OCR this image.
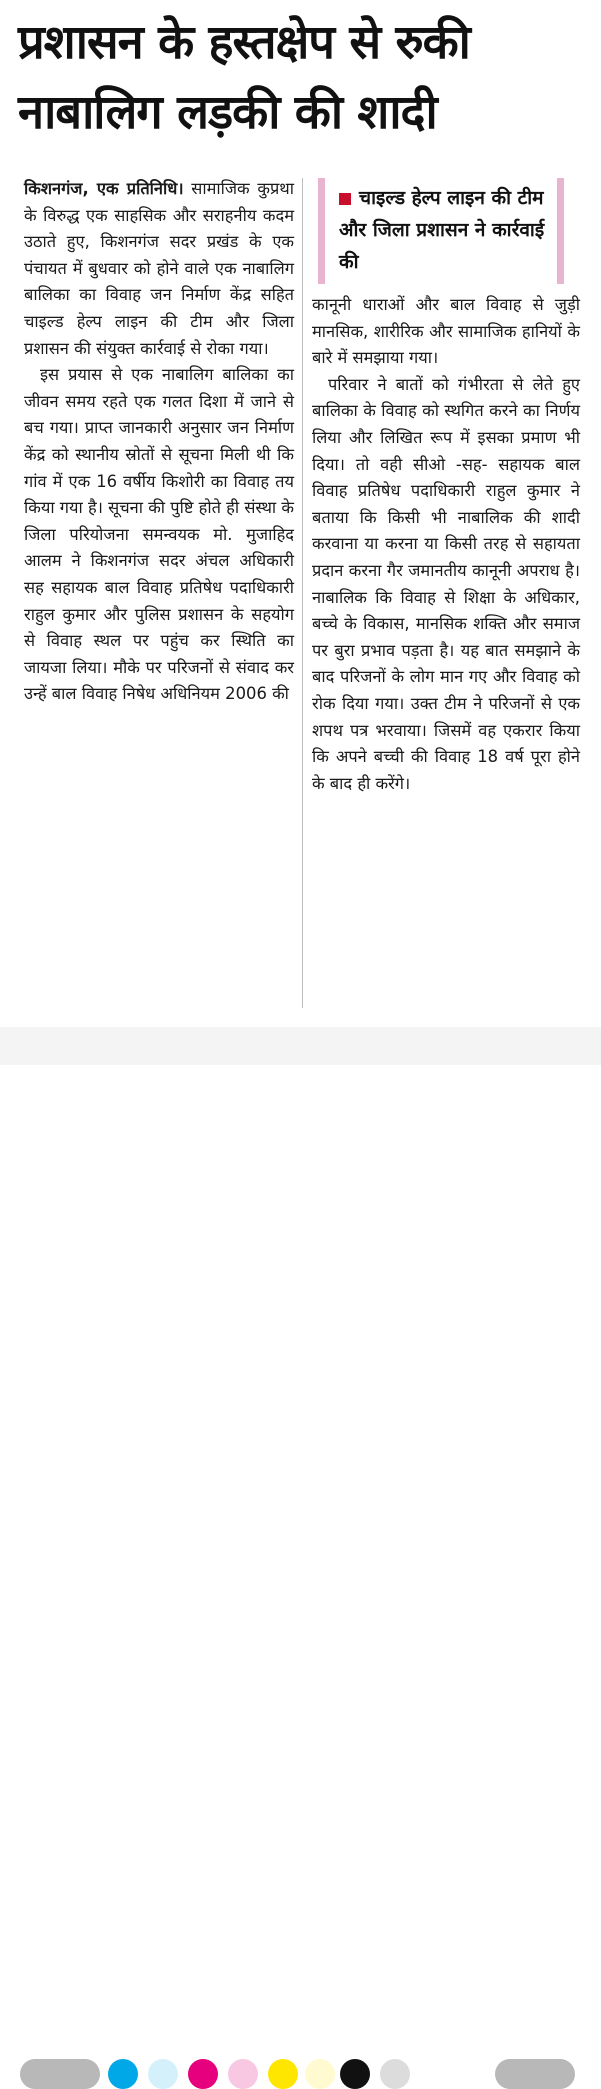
प्रशासन के हस्तक्षेप से रुकी
नाबालिग लड़की की शादी

किशनगंज, एक प्रतिनिधि। सामाजिक कुप्रथा के विरुद्ध एक साहसिक और सराहनीय कदम उठाते हुए, किशनगंज सदर प्रखंड के एक पंचायत में बुधवार को होने वाले एक नाबालिग बालिका का विवाह जन निर्माण केंद्र सहित चाइल्ड हेल्प लाइन की टीम और जिला प्रशासन की संयुक्त कार्रवाई से रोका गया।

इस प्रयास से एक नाबालिग बालिका का जीवन समय रहते एक गलत दिशा में जाने से बच गया। प्राप्त जानकारी अनुसार जन निर्माण केंद्र को स्थानीय स्रोतों से सूचना मिली थी कि गांव में एक 16 वर्षीय किशोरी का विवाह तय किया गया है। सूचना की पुष्टि होते ही संस्था के जिला परियोजना समन्वयक मो. मुजाहिद आलम ने किशनगंज सदर अंचल अधिकारी सह सहायक बाल विवाह प्रतिषेध पदाधिकारी राहुल कुमार और पुलिस प्रशासन के सहयोग से विवाह स्थल पर पहुंच कर स्थिति का जायजा लिया। मौके पर परिजनों से संवाद कर उन्हें बाल विवाह निषेध अधिनियम 2006 की

चाइल्ड हेल्प लाइन की टीम और जिला प्रशासन ने कार्रवाई की

कानूनी धाराओं और बाल विवाह से जुड़ी मानसिक, शारीरिक और सामाजिक हानियों के बारे में समझाया गया।

परिवार ने बातों को गंभीरता से लेते हुए बालिका के विवाह को स्थगित करने का निर्णय लिया और लिखित रूप में इसका प्रमाण भी दिया। तो वही सीओ -सह- सहायक बाल विवाह प्रतिषेध पदाधिकारी राहुल कुमार ने बताया कि किसी भी नाबालिक की शादी करवाना या करना या किसी तरह से सहायता प्रदान करना गैर जमानतीय कानूनी अपराध है। नाबालिक कि विवाह से शिक्षा के अधिकार, बच्चे के विकास, मानसिक शक्ति और समाज पर बुरा प्रभाव पड़ता है। यह बात समझाने के बाद परिजनों के लोग मान गए और विवाह को रोक दिया गया। उक्त टीम ने परिजनों से एक शपथ पत्र भरवाया। जिसमें वह एकरार किया कि अपने बच्ची की विवाह 18 वर्ष पूरा होने के बाद ही करेंगे।
